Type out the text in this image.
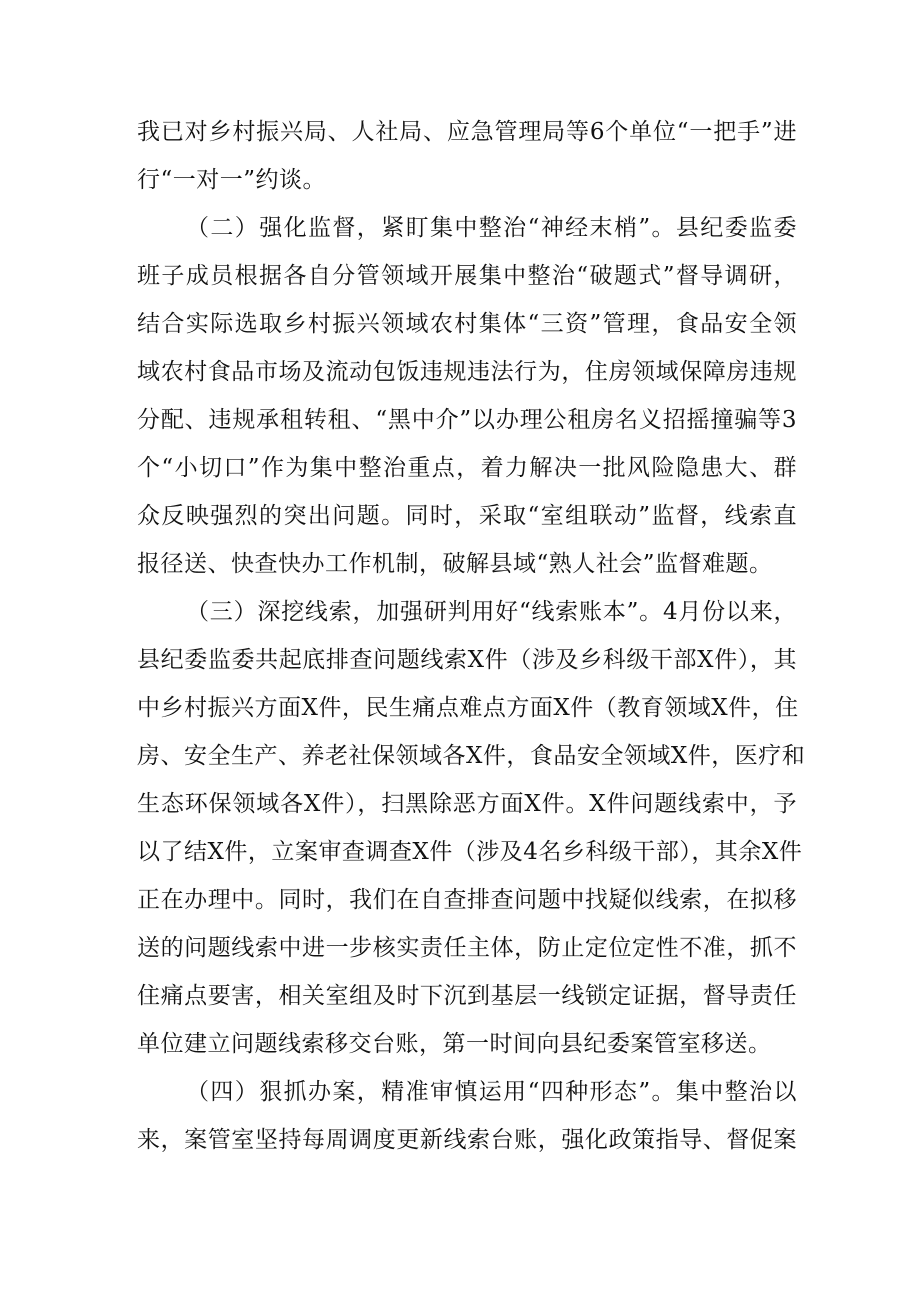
我已对乡村振兴局、人社局、应急管理局等6个单位“一把手”进
行“一对一”约谈。
（二）强化监督，紧盯集中整治“神经末梢”。县纪委监委
班子成员根据各自分管领域开展集中整治“破题式”督导调研，
结合实际选取乡村振兴领域农村集体“三资”管理，食品安全领
域农村食品市场及流动包饭违规违法行为，住房领域保障房违规
分配、违规承租转租、“黑中介”以办理公租房名义招摇撞骗等3
个“小切口”作为集中整治重点，着力解决一批风险隐患大、群
众反映强烈的突出问题。同时，采取“室组联动”监督，线索直
报径送、快查快办工作机制，破解县域“熟人社会”监督难题。
（三）深挖线索，加强研判用好“线索账本”。4月份以来，
县纪委监委共起底排查问题线索X件（涉及乡科级干部X件），其
中乡村振兴方面X件，民生痛点难点方面X件（教育领域X件，住
房、安全生产、养老社保领域各X件，食品安全领域X件，医疗和
生态环保领域各X件），扫黑除恶方面X件。X件问题线索中，予
以了结X件，立案审查调查X件（涉及4名乡科级干部），其余X件
正在办理中。同时，我们在自查排查问题中找疑似线索，在拟移
送的问题线索中进一步核实责任主体，防止定位定性不准，抓不
住痛点要害，相关室组及时下沉到基层一线锁定证据，督导责任
单位建立问题线索移交台账，第一时间向县纪委案管室移送。
（四）狠抓办案，精准审慎运用“四种形态”。集中整治以
来，案管室坚持每周调度更新线索台账，强化政策指导、督促案
